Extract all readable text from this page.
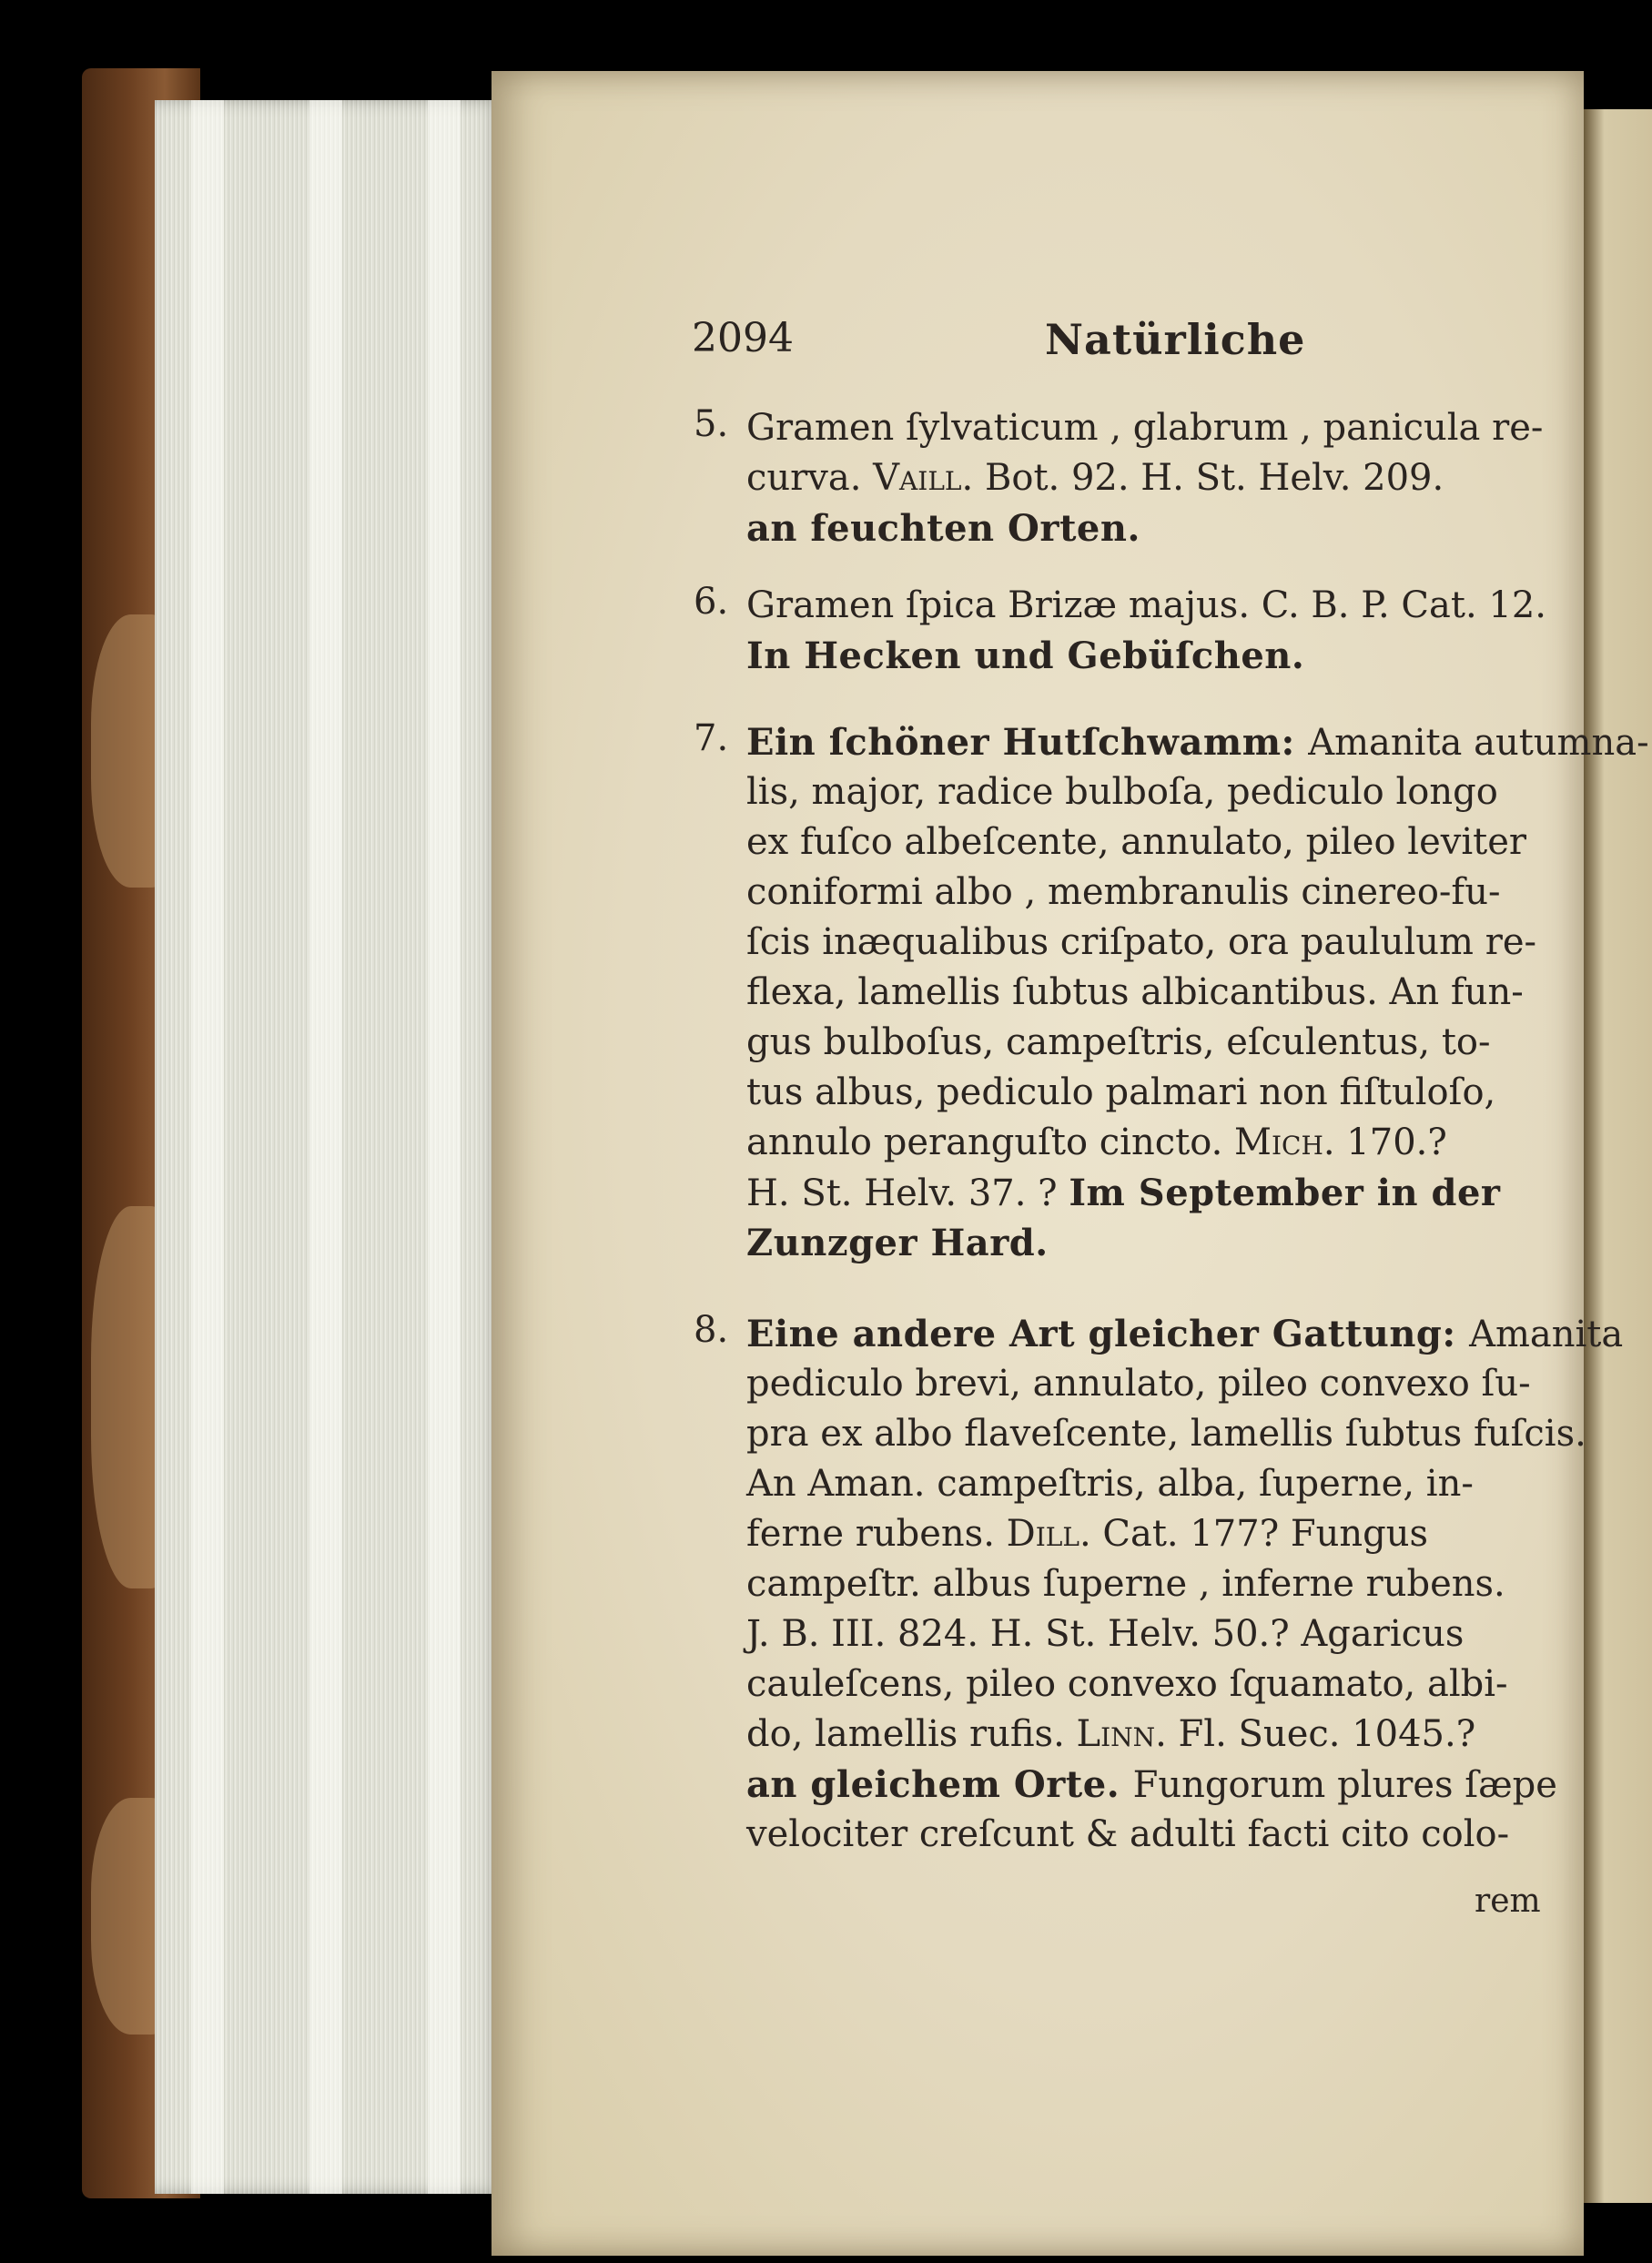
2094	Natürliche
5. Gramen ſylvaticum , glabrum , panicula re-
curva. Vaill. Bot. 92. H. St. Helv. 209.
an feuchten Orten.
6. Gramen ſpica Brizæ majus. C. B. P. Cat. 12.
In Hecken und Gebüſchen.
7. Ein ſchöner Hutſchwamm: Amanita autumna-
lis, major, radice bulboſa, pediculo longo
ex fuſco albeſcente, annulato, pileo leviter
coniformi albo , membranulis cinereo-fu-
ſcis inæqualibus criſpato, ora paululum re-
flexa, lamellis ſubtus albicantibus. An fun-
gus bulboſus, campeſtris, eſculentus, to-
tus albus, pediculo palmari non fiſtuloſo,
annulo peranguſto cincto. Mich. 170.?
H. St. Helv. 37. ? Im September in der
Zunzger Hard.
8. Eine andere Art gleicher Gattung: Amanita
pediculo brevi, annulato, pileo convexo ſu-
pra ex albo flaveſcente, lamellis ſubtus fuſcis.
An Aman. campeſtris, alba, ſuperne, in-
ferne rubens. Dill. Cat. 177? Fungus
campeſtr. albus ſuperne , inferne rubens.
J. B. III. 824. H. St. Helv. 50.? Agaricus
cauleſcens, pileo convexo ſquamato, albi-
do, lamellis rufis. Linn. Fl. Suec. 1045.?
an gleichem Orte. Fungorum plures ſæpe
velociter creſcunt & adulti facti cito colo-
rem
